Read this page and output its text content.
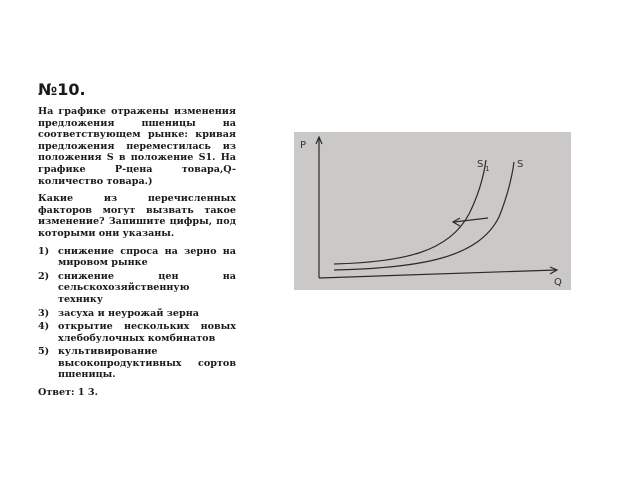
№10.

На графике отражены изменения предложения пшеницы на соответствующем рынке: кривая предложения переместилась из положения S в положение S1. На графике Р-цена товара,Q- количество товара.)

Какие из перечисленных факторов могут вызвать такое изменение? Запишите цифры, под которыми они указаны.

1) снижение спроса на зерно на мировом рынке
2) снижение цен на сельскохозяйственную технику
3) засуха и неурожай зерна
4) открытие нескольких новых хлебобулочных комбинатов
5) культивирование высокопродуктивных сортов пшеницы.

Ответ: 1 3.

P
Q
S 1	S
